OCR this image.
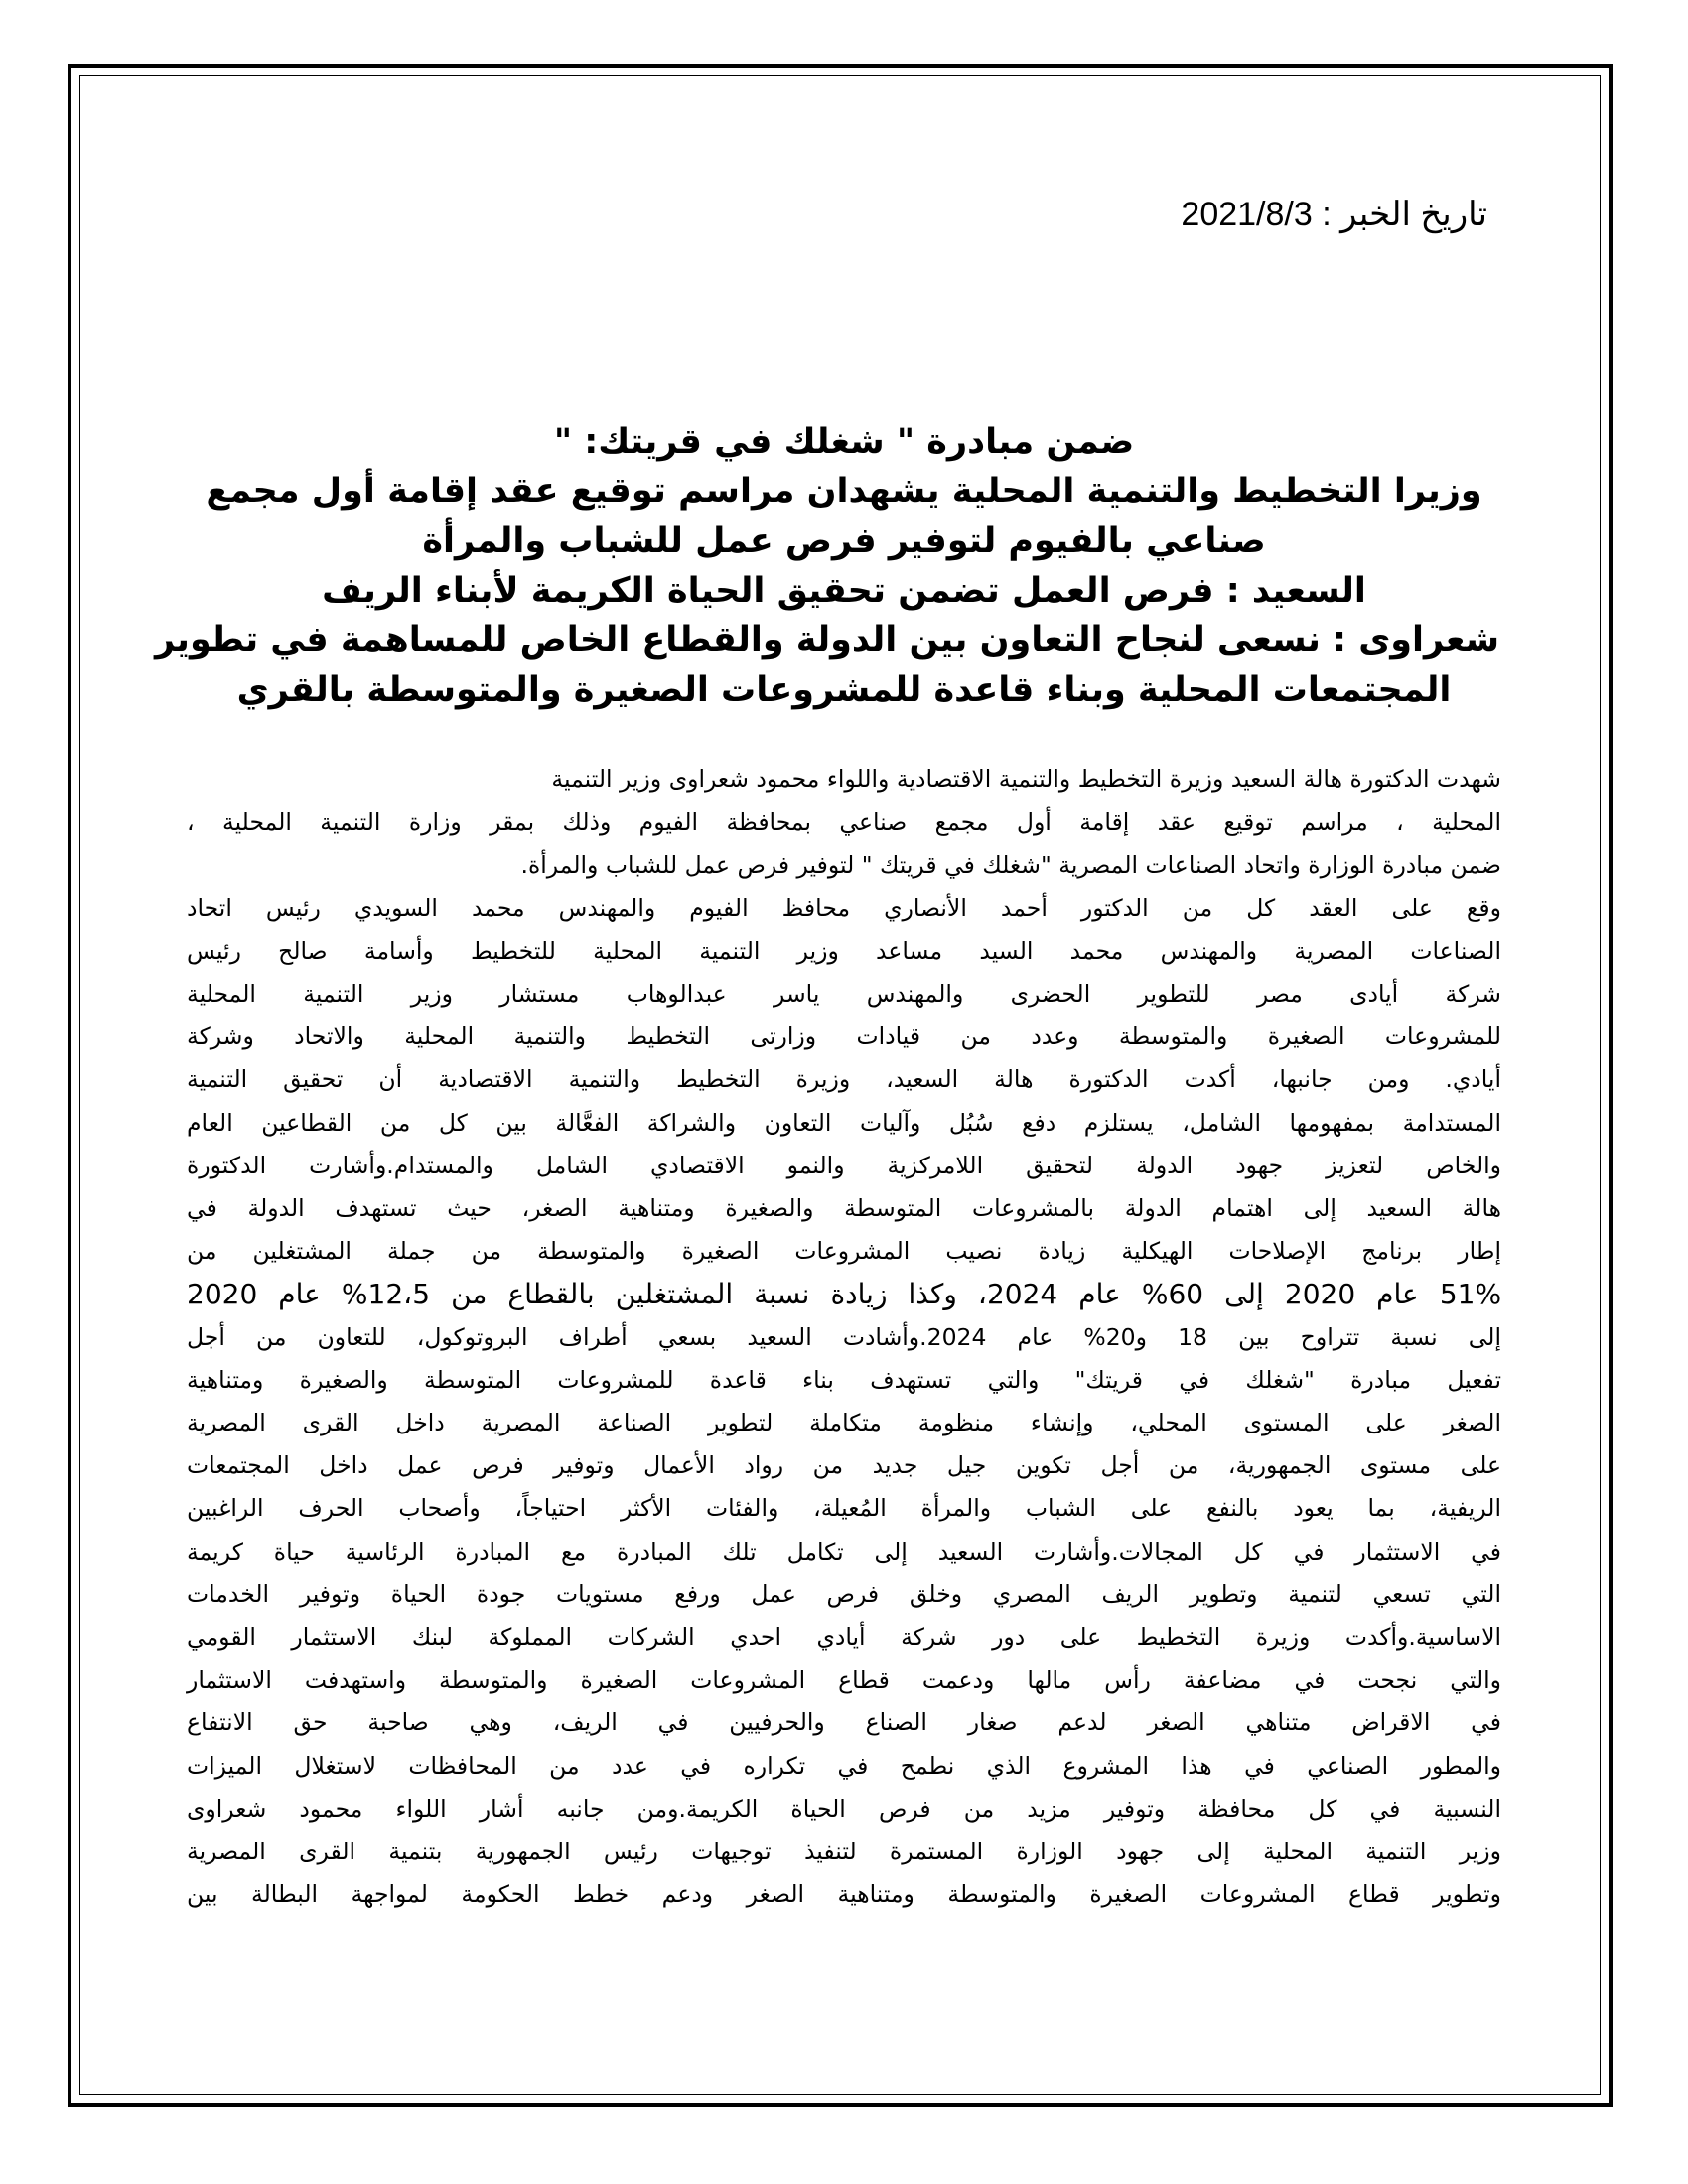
تاريخ الخبر : 2021/8/3
ضمن مبادرة " شغلك في قريتك: "
وزيرا التخطيط والتنمية المحلية يشهدان مراسم توقيع عقد إقامة أول مجمع
صناعي بالفيوم لتوفير فرص عمل للشباب والمرأة
السعيد : فرص العمل تضمن تحقيق الحياة الكريمة لأبناء الريف
شعراوى : نسعى لنجاح التعاون بين الدولة والقطاع الخاص للمساهمة في تطوير
المجتمعات المحلية وبناء قاعدة للمشروعات الصغيرة والمتوسطة بالقري
شهدت الدكتورة هالة السعيد وزيرة التخطيط والتنمية الاقتصادية واللواء محمود شعراوى وزير التنمية
المحلية ، مراسم توقيع عقد إقامة أول مجمع صناعي بمحافظة الفيوم وذلك بمقر وزارة التنمية المحلية ،
ضمن مبادرة الوزارة واتحاد الصناعات المصرية "شغلك في قريتك " لتوفير فرص عمل للشباب والمرأة.
وقع على العقد كل من الدكتور أحمد الأنصاري محافظ الفيوم والمهندس محمد السويدي رئيس اتحاد
الصناعات المصرية والمهندس محمد السيد مساعد وزير التنمية المحلية للتخطيط وأسامة صالح رئيس
شركة أيادى مصر للتطوير الحضرى والمهندس ياسر عبدالوهاب مستشار وزير التنمية المحلية
للمشروعات الصغيرة والمتوسطة وعدد من قيادات وزارتى التخطيط والتنمية المحلية والاتحاد وشركة
أيادي. ومن جانبها، أكدت الدكتورة هالة السعيد، وزيرة التخطيط والتنمية الاقتصادية أن تحقيق التنمية
المستدامة بمفهومها الشامل، يستلزم دفع سُبُل وآليات التعاون والشراكة الفعَّالة بين كل من القطاعين العام
والخاص لتعزيز جهود الدولة لتحقيق اللامركزية والنمو الاقتصادي الشامل والمستدام.وأشارت الدكتورة
هالة السعيد إلى اهتمام الدولة بالمشروعات المتوسطة والصغيرة ومتناهية الصغر، حيث تستهدف الدولة في
إطار برنامج الإصلاحات الهيكلية زيادة نصيب المشروعات الصغيرة والمتوسطة من جملة المشتغلين من
51% عام 2020 إلى 60% عام 2024، وكذا زيادة نسبة المشتغلين بالقطاع من 12،5% عام 2020
إلى نسبة تتراوح بين 18 و20% عام 2024.وأشادت السعيد بسعي أطراف البروتوكول، للتعاون من أجل
تفعيل مبادرة "شغلك في قريتك" والتي تستهدف بناء قاعدة للمشروعات المتوسطة والصغيرة ومتناهية
الصغر على المستوى المحلي، وإنشاء منظومة متكاملة لتطوير الصناعة المصرية داخل القرى المصرية
على مستوى الجمهورية، من أجل تكوين جيل جديد من رواد الأعمال وتوفير فرص عمل داخل المجتمعات
الريفية، بما يعود بالنفع على الشباب والمرأة المُعيلة، والفئات الأكثر احتياجاً، وأصحاب الحرف الراغبين
في الاستثمار في كل المجالات.وأشارت السعيد إلى تكامل تلك المبادرة مع المبادرة الرئاسية حياة كريمة
التي تسعي لتنمية وتطوير الريف المصري وخلق فرص عمل ورفع مستويات جودة الحياة وتوفير الخدمات
الاساسية.وأكدت وزيرة التخطيط على دور شركة أيادي احدي الشركات المملوكة لبنك الاستثمار القومي
والتي نجحت في مضاعفة رأس مالها ودعمت قطاع المشروعات الصغيرة والمتوسطة واستهدفت الاستثمار
في الاقراض متناهي الصغر لدعم صغار الصناع والحرفيين في الريف، وهي صاحبة حق الانتفاع
والمطور الصناعي في هذا المشروع الذي نطمح في تكراره في عدد من المحافظات لاستغلال الميزات
النسبية في كل محافظة وتوفير مزيد من فرص الحياة الكريمة.ومن جانبه أشار اللواء محمود شعراوى
وزير التنمية المحلية إلى جهود الوزارة المستمرة لتنفيذ توجيهات رئيس الجمهورية بتنمية القرى المصرية
وتطوير قطاع المشروعات الصغيرة والمتوسطة ومتناهية الصغر ودعم خطط الحكومة لمواجهة البطالة بين
